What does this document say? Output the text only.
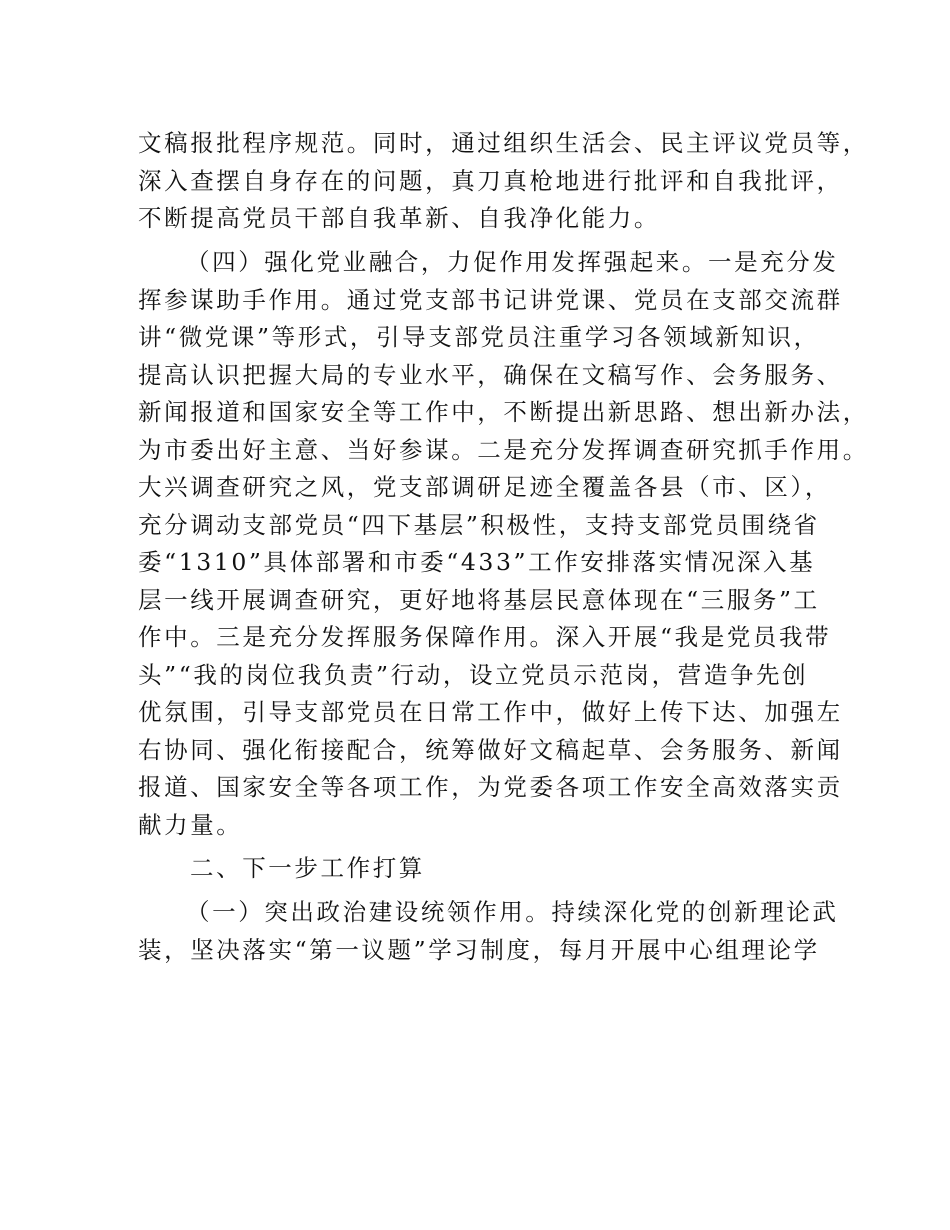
文稿报批程序规范。同时，通过组织生活会、民主评议党员等，
深入查摆自身存在的问题，真刀真枪地进行批评和自我批评，
不断提高党员干部自我革新、自我净化能力。
（四）强化党业融合，力促作用发挥强起来。一是充分发
挥参谋助手作用。通过党支部书记讲党课、党员在支部交流群
讲“微党课”等形式，引导支部党员注重学习各领域新知识，
提高认识把握大局的专业水平，确保在文稿写作、会务服务、
新闻报道和国家安全等工作中，不断提出新思路、想出新办法，
为市委出好主意、当好参谋。二是充分发挥调查研究抓手作用。
大兴调查研究之风，党支部调研足迹全覆盖各县（市、区），
充分调动支部党员“四下基层”积极性，支持支部党员围绕省
委“1310”具体部署和市委“433”工作安排落实情况深入基
层一线开展调查研究，更好地将基层民意体现在“三服务”工
作中。三是充分发挥服务保障作用。深入开展“我是党员我带
头”“我的岗位我负责”行动，设立党员示范岗，营造争先创
优氛围，引导支部党员在日常工作中，做好上传下达、加强左
右协同、强化衔接配合，统筹做好文稿起草、会务服务、新闻
报道、国家安全等各项工作，为党委各项工作安全高效落实贡
献力量。
二、下一步工作打算
（一）突出政治建设统领作用。持续深化党的创新理论武
装，坚决落实“第一议题”学习制度，每月开展中心组理论学
